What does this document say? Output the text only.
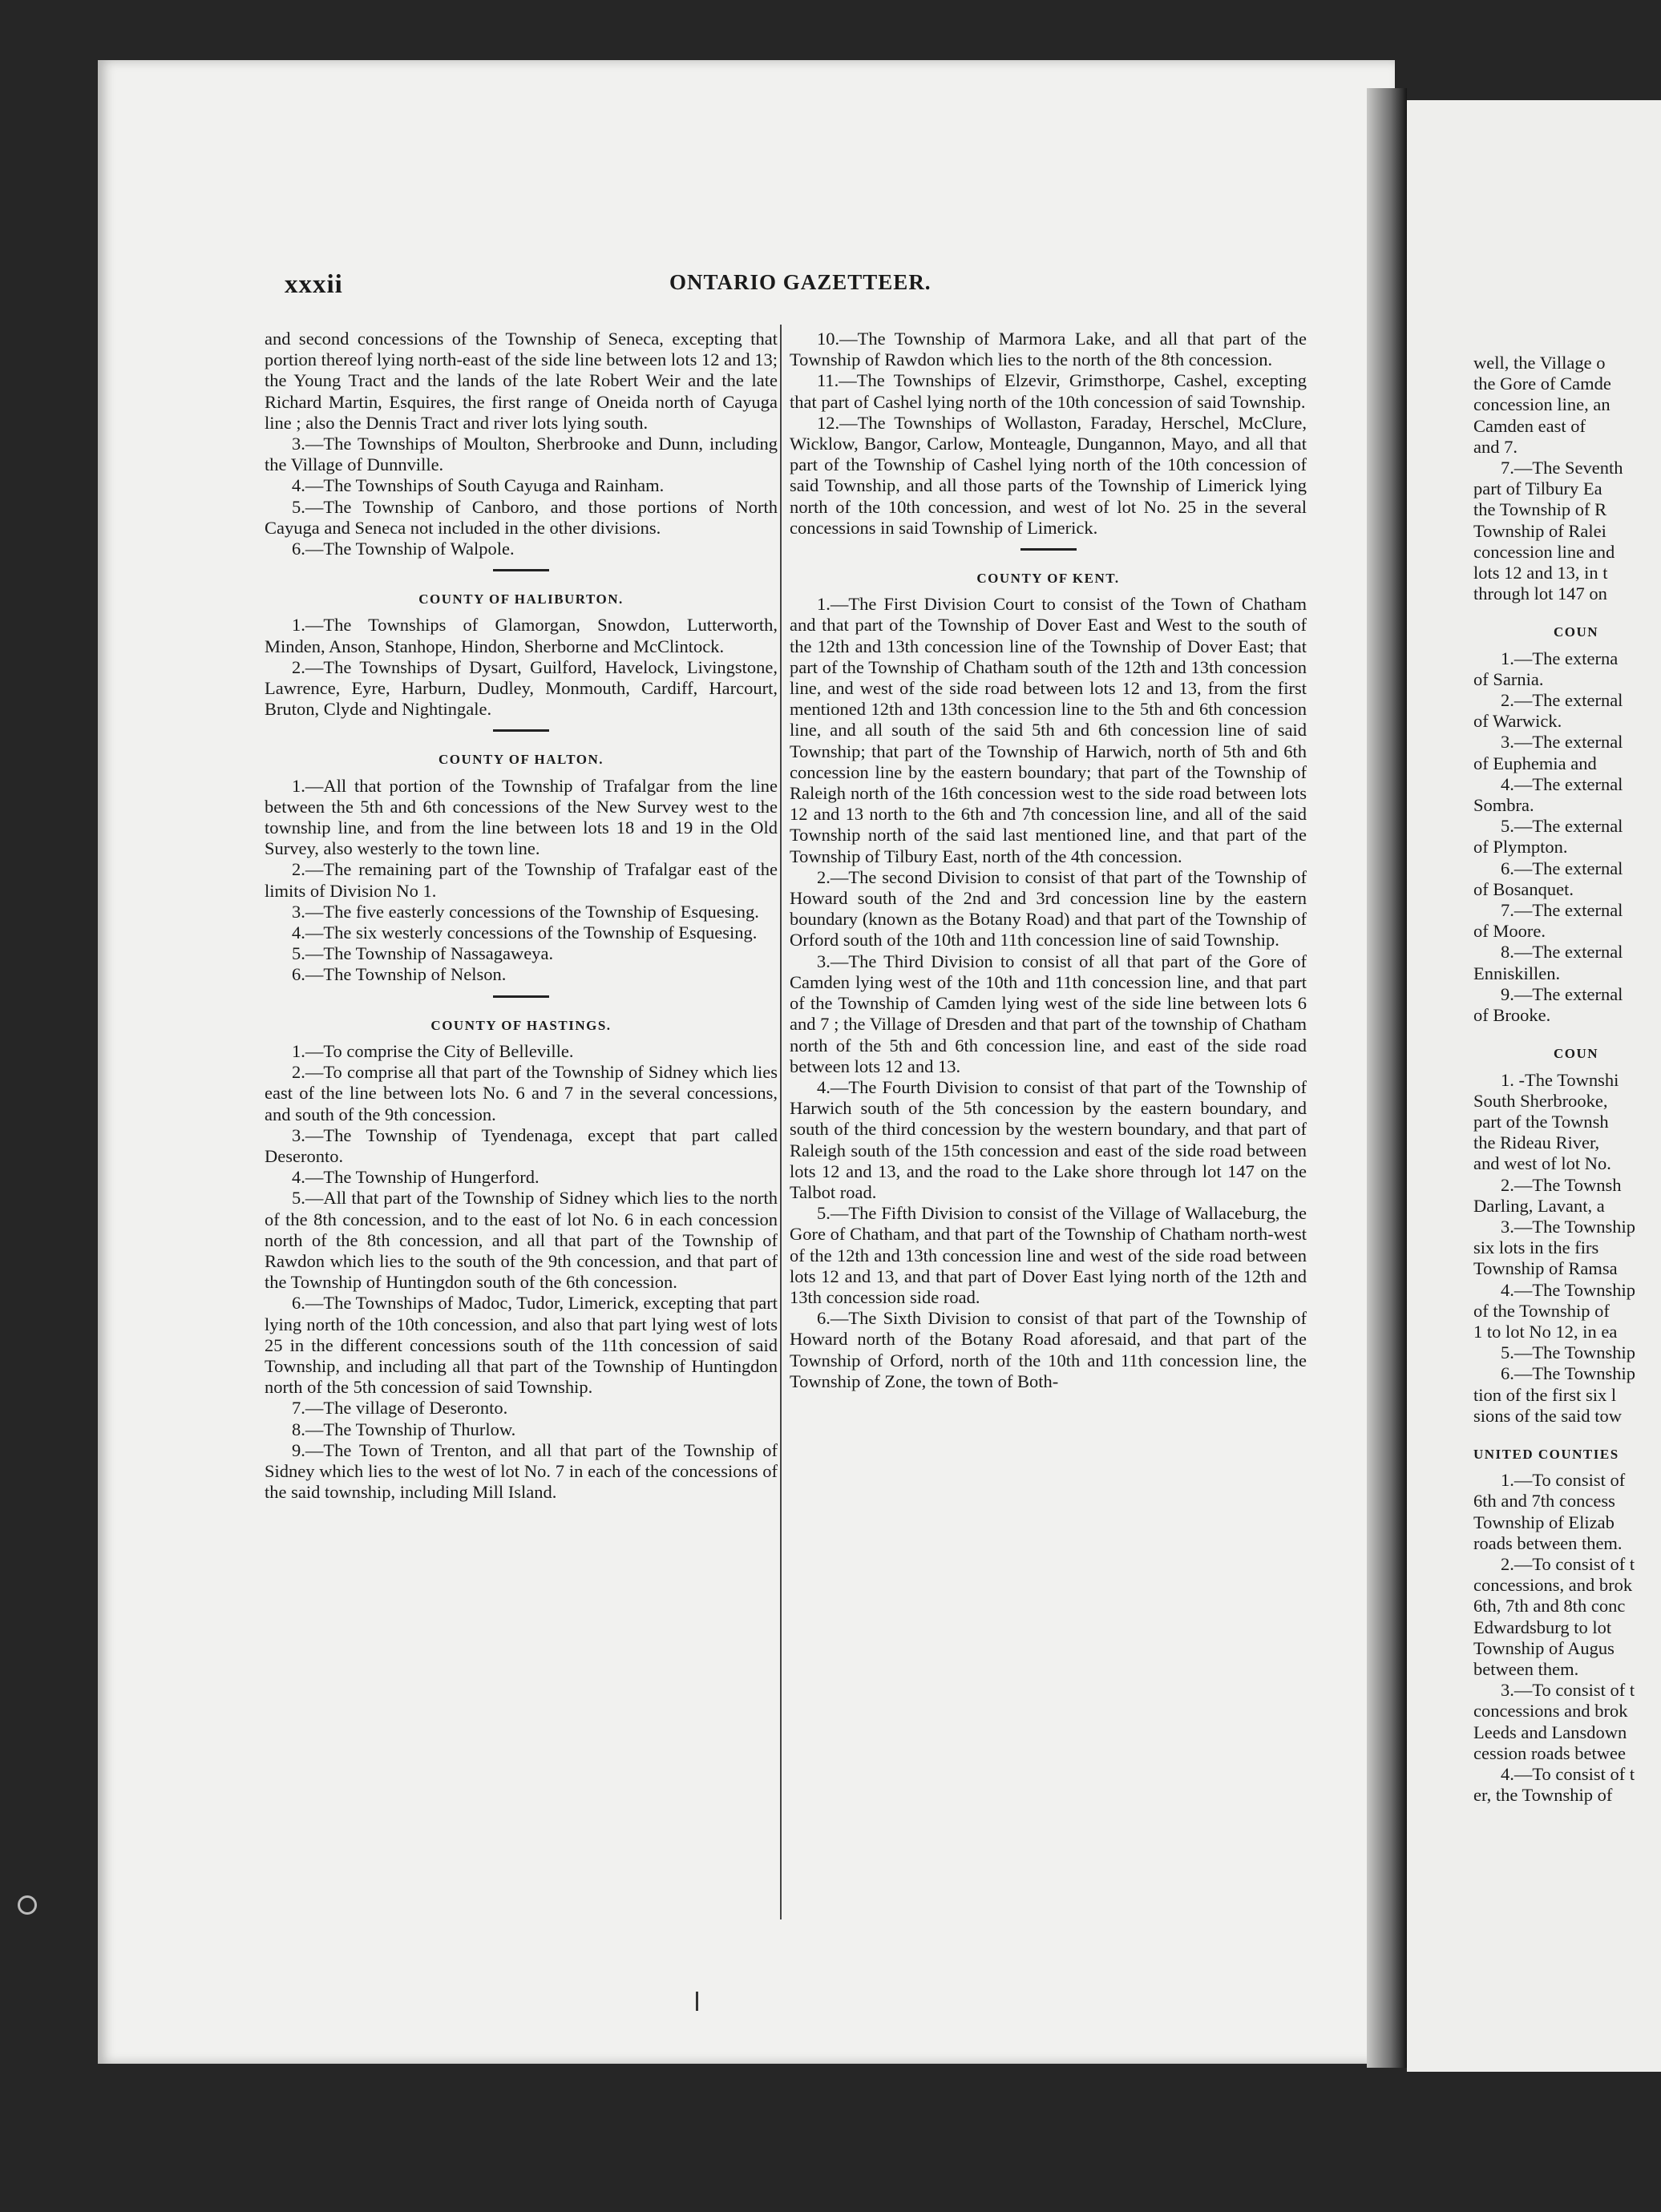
xxxii	ONTARIO GAZETTEER.

and second concessions of the Township of Seneca, excepting that portion thereof lying north-east of the side line between lots 12 and 13; the Young Tract and the lands of the late Robert Weir and the late Richard Martin, Esquires, the first range of Oneida north of Cayuga line ; also the Dennis Tract and river lots lying south.

3.—The Townships of Moulton, Sherbrooke and Dunn, including the Village of Dunnville.

4.—The Townships of South Cayuga and Rainham.

5.—The Township of Canboro, and those portions of North Cayuga and Seneca not included in the other divisions.

6.—The Township of Walpole.

COUNTY OF HALIBURTON.

1.—The Townships of Glamorgan, Snowdon, Lutterworth, Minden, Anson, Stanhope, Hindon, Sherborne and McClintock.

2.—The Townships of Dysart, Guilford, Havelock, Livingstone, Lawrence, Eyre, Harburn, Dudley, Monmouth, Cardiff, Harcourt, Bruton, Clyde and Nightingale.

COUNTY OF HALTON.

1.—All that portion of the Township of Trafalgar from the line between the 5th and 6th concessions of the New Survey west to the township line, and from the line between lots 18 and 19 in the Old Survey, also westerly to the town line.

2.—The remaining part of the Township of Trafalgar east of the limits of Division No 1.

3.—The five easterly concessions of the Township of Esquesing.

4.—The six westerly concessions of the Township of Esquesing.

5.—The Township of Nassagaweya.

6.—The Township of Nelson.

COUNTY OF HASTINGS.

1.—To comprise the City of Belleville.

2.—To comprise all that part of the Township of Sidney which lies east of the line between lots No. 6 and 7 in the several concessions, and south of the 9th concession.

3.—The Township of Tyendenaga, except that part called Deseronto.

4.—The Township of Hungerford.

5.—All that part of the Township of Sidney which lies to the north of the 8th concession, and to the east of lot No. 6 in each concession north of the 8th concession, and all that part of the Township of Rawdon which lies to the south of the 9th concession, and that part of the Township of Huntingdon south of the 6th concession.

6.—The Townships of Madoc, Tudor, Limerick, excepting that part lying north of the 10th concession, and also that part lying west of lots 25 in the different concessions south of the 11th concession of said Township, and including all that part of the Township of Huntingdon north of the 5th concession of said Township.

7.—The village of Deseronto.

8.—The Township of Thurlow.

9.—The Town of Trenton, and all that part of the Township of Sidney which lies to the west of lot No. 7 in each of the concessions of the said township, including Mill Island.

10.—The Township of Marmora Lake, and all that part of the Township of Rawdon which lies to the north of the 8th concession.

11.—The Townships of Elzevir, Grimsthorpe, Cashel, excepting that part of Cashel lying north of the 10th concession of said Township.

12.—The Townships of Wollaston, Faraday, Herschel, McClure, Wicklow, Bangor, Carlow, Monteagle, Dungannon, Mayo, and all that part of the Township of Cashel lying north of the 10th concession of said Township, and all those parts of the Township of Limerick lying north of the 10th concession, and west of lot No. 25 in the several concessions in said Township of Limerick.

COUNTY OF KENT.

1.—The First Division Court to consist of the Town of Chatham and that part of the Township of Dover East and West to the south of the 12th and 13th concession line of the Township of Dover East; that part of the Township of Chatham south of the 12th and 13th concession line, and west of the side road between lots 12 and 13, from the first mentioned 12th and 13th concession line to the 5th and 6th concession line, and all south of the said 5th and 6th concession line of said Township; that part of the Township of Harwich, north of 5th and 6th concession line by the eastern boundary; that part of the Township of Raleigh north of the 16th concession west to the side road between lots 12 and 13 north to the 6th and 7th concession line, and all of the said Township north of the said last mentioned line, and that part of the Township of Tilbury East, north of the 4th concession.

2.—The second Division to consist of that part of the Township of Howard south of the 2nd and 3rd concession line by the eastern boundary (known as the Botany Road) and that part of the Township of Orford south of the 10th and 11th concession line of said Township.

3.—The Third Division to consist of all that part of the Gore of Camden lying west of the 10th and 11th concession line, and that part of the Township of Camden lying west of the side line between lots 6 and 7 ; the Village of Dresden and that part of the township of Chatham north of the 5th and 6th concession line, and east of the side road between lots 12 and 13.

4.—The Fourth Division to consist of that part of the Township of Harwich south of the 5th concession by the eastern boundary, and south of the third concession by the western boundary, and that part of Raleigh south of the 15th concession and east of the side road between lots 12 and 13, and the road to the Lake shore through lot 147 on the Talbot road.

5.—The Fifth Division to consist of the Village of Wallaceburg, the Gore of Chatham, and that part of the Township of Chatham north-west of the 12th and 13th concession line and west of the side road between lots 12 and 13, and that part of Dover East lying north of the 12th and 13th concession side road.

6.—The Sixth Division to consist of that part of the Township of Howard north of the Botany Road aforesaid, and that part of the Township of Orford, north of the 10th and 11th concession line, the Township of Zone, the town of Both-

well, the Village o

the Gore of Camde

concession line, an

Camden east of

and 7.

7.—The Seventh

part of Tilbury Ea

the Township of R

Township of Ralei

concession line and

lots 12 and 13, in t

through lot 147 on

COUN

1.—The externa

of Sarnia.

2.—The external

of Warwick.

3.—The external

of Euphemia and

4.—The external

Sombra.

5.—The external

of Plympton.

6.—The external

of Bosanquet.

7.—The external

of Moore.

8.—The external

Enniskillen.

9.—The external

of Brooke.

COUN

1. -The Townshi

South Sherbrooke,

part of the Townsh

the Rideau River,

and west of lot No.

2.—The Townsh

Darling, Lavant, a

3.—The Township

six lots in the firs

Township of Ramsa

4.—The Township

of the Township of

1 to lot No 12, in ea

5.—The Township

6.—The Township

tion of the first six l

sions of the said tow

UNITED COUNTIES

1.—To consist of

6th and 7th concess

Township of Elizab

roads between them.

2.—To consist of t

concessions, and brok

6th, 7th and 8th conc

Edwardsburg to lot

Township of Augus

between them.

3.—To consist of t

concessions and brok

Leeds and Lansdown

cession roads betwee

4.—To consist of t

er, the Township of
